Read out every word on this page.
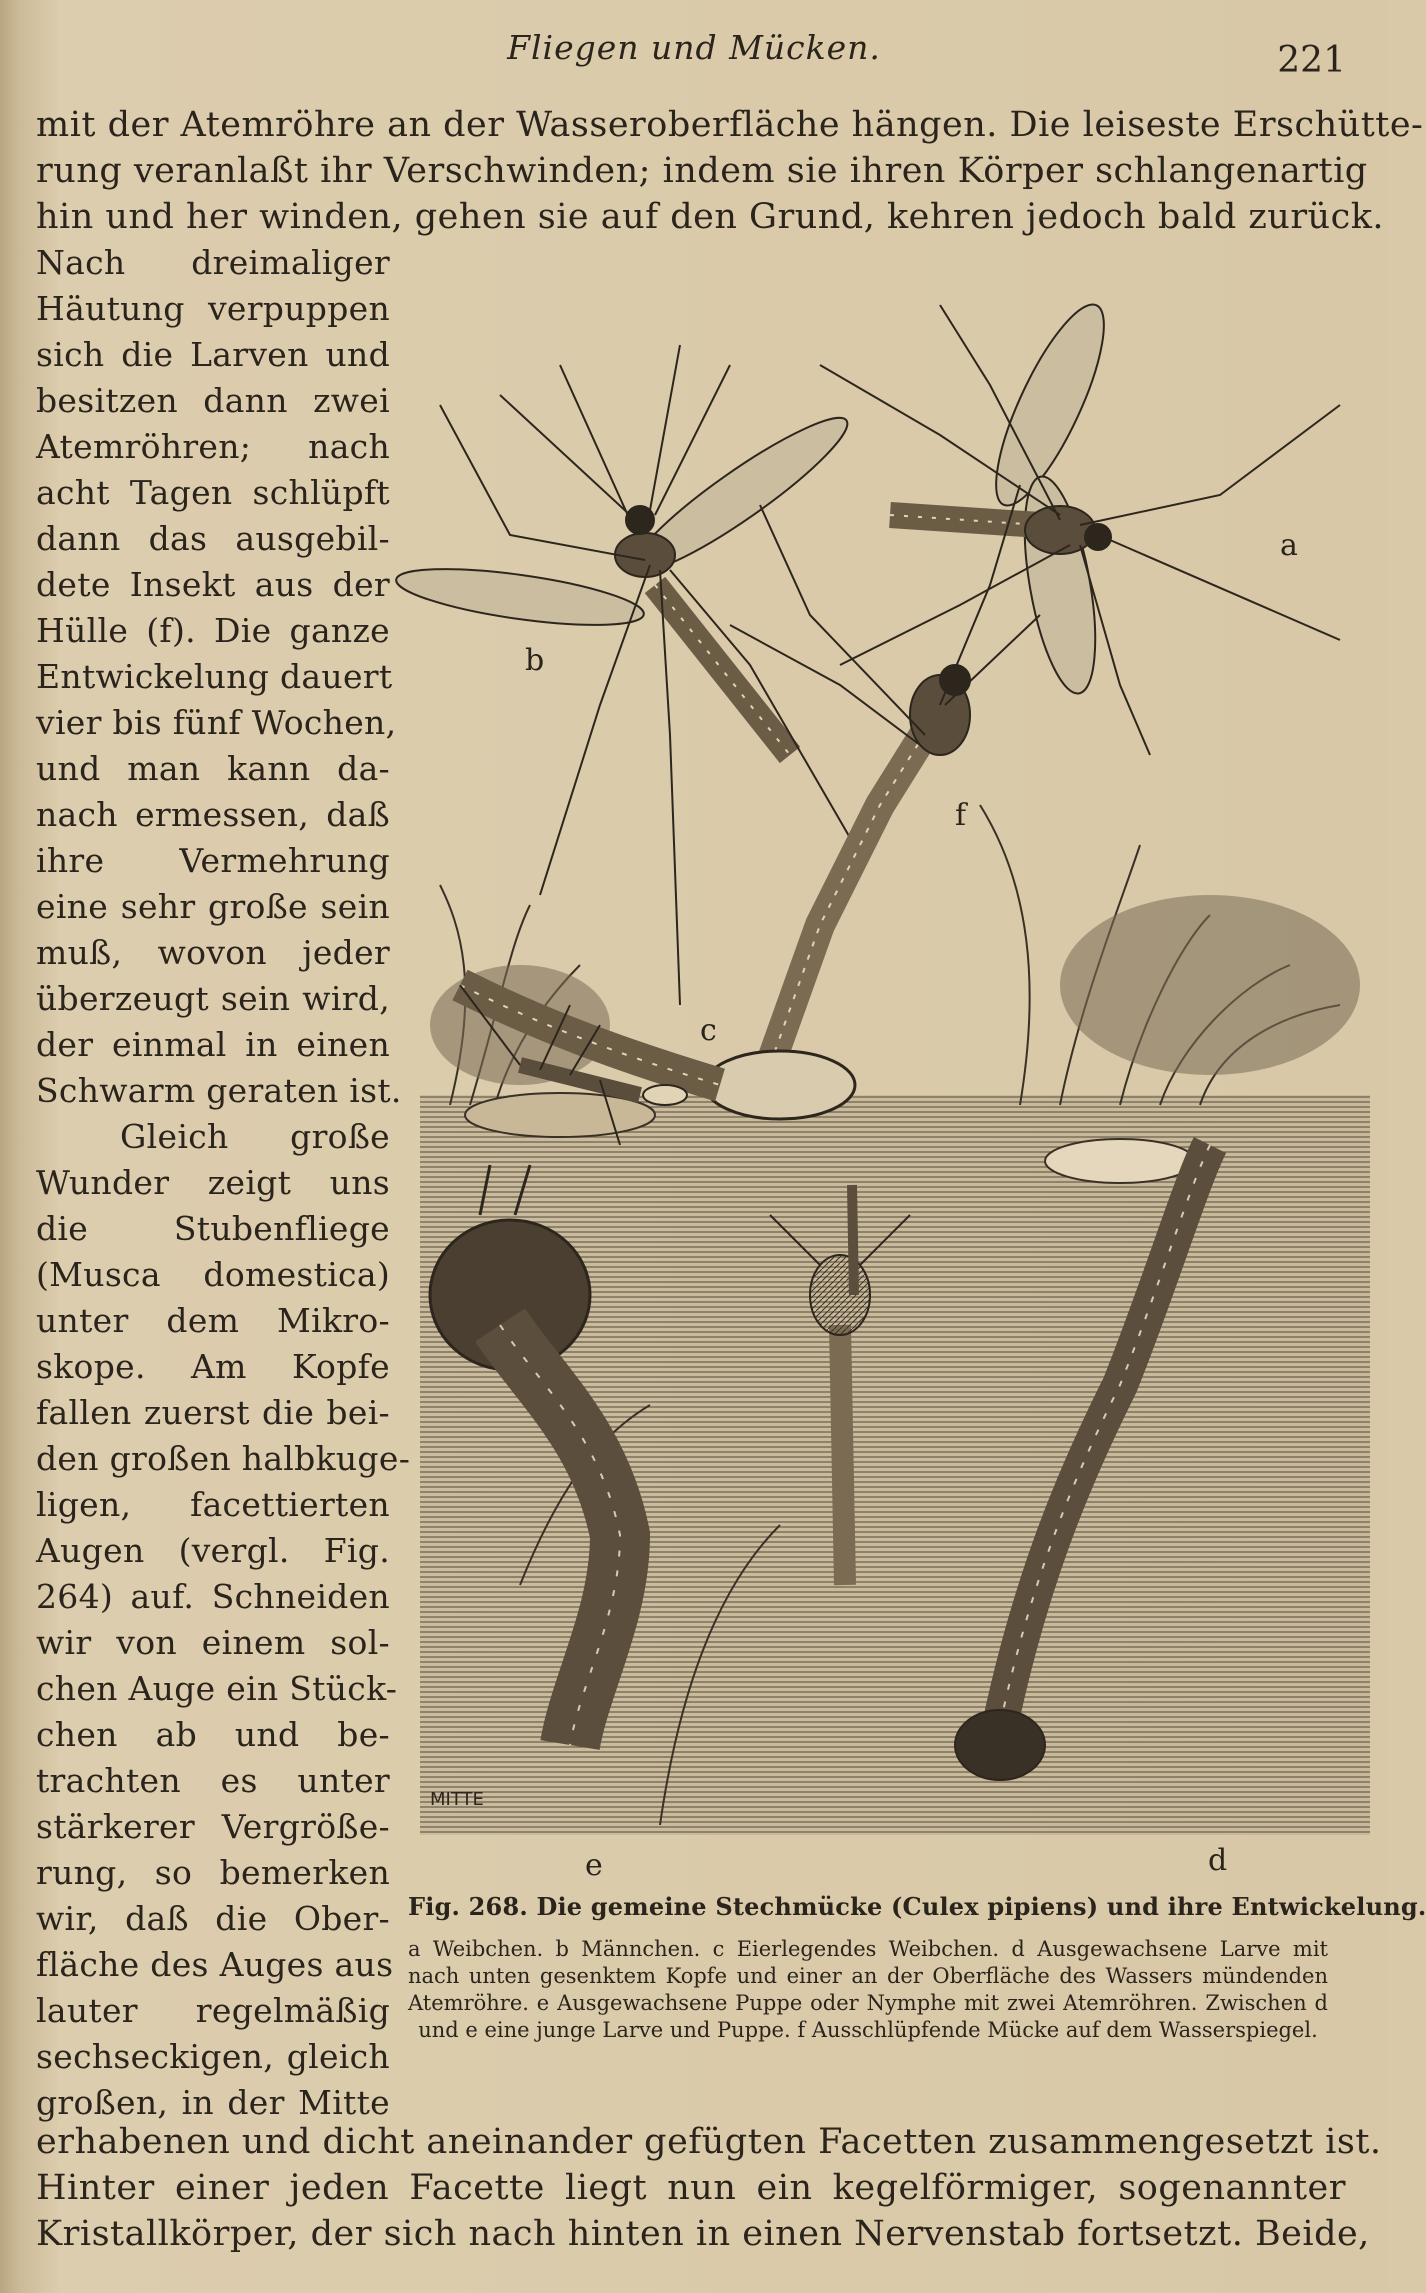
Fliegen und Mücken.	221
mit der Atemröhre an der Wasseroberfläche hängen. Die leiseste Erschütte-
rung veranlaßt ihr Verschwinden; indem sie ihren Körper schlangenartig
hin und her winden, gehen sie auf den Grund, kehren jedoch bald zurück.
Nach dreimaliger
Häutung verpuppen
sich die Larven und
besitzen dann zwei
Atemröhren; nach
acht Tagen schlüpft
dann das ausgebil-
dete Insekt aus der
Hülle (f). Die ganze
Entwickelung dauert
vier bis fünf Wochen,
und man kann da-
nach ermessen, daß
ihre Vermehrung
eine sehr große sein
muß, wovon jeder
überzeugt sein wird,
der einmal in einen
Schwarm geraten ist.
Gleich große
Wunder zeigt uns
die Stubenfliege
(Musca domestica)
unter dem Mikro-
skope. Am Kopfe
fallen zuerst die bei-
den großen halbkuge-
ligen, facettierten
Augen (vergl. Fig.
264) auf. Schneiden
wir von einem sol-
chen Auge ein Stück-
chen ab und be-
trachten es unter
stärkerer Vergröße-
rung, so bemerken
wir, daß die Ober-
fläche des Auges aus
lauter regelmäßig
sechseckigen, gleich
großen, in der Mitte
erhabenen und dicht aneinander gefügten Facetten zusammengesetzt ist.
Hinter einer jeden Facette liegt nun ein kegelförmiger, sogenannter
Kristallkörper, der sich nach hinten in einen Nervenstab fortsetzt. Beide,
MITTE
a
b
c
d
e
f
Fig. 268. Die gemeine Stechmücke (Culex pipiens) und ihre Entwickelung.
a Weibchen. b Männchen. c Eierlegendes Weibchen. d Ausgewachsene Larve mit nach unten gesenktem Kopfe und einer an der Oberfläche des Wassers mündenden Atemröhre. e Ausgewachsene Puppe oder Nymphe mit zwei Atemröhren. Zwischen d und e eine junge Larve und Puppe. f Ausschlüpfende Mücke auf dem Wasserspiegel.
